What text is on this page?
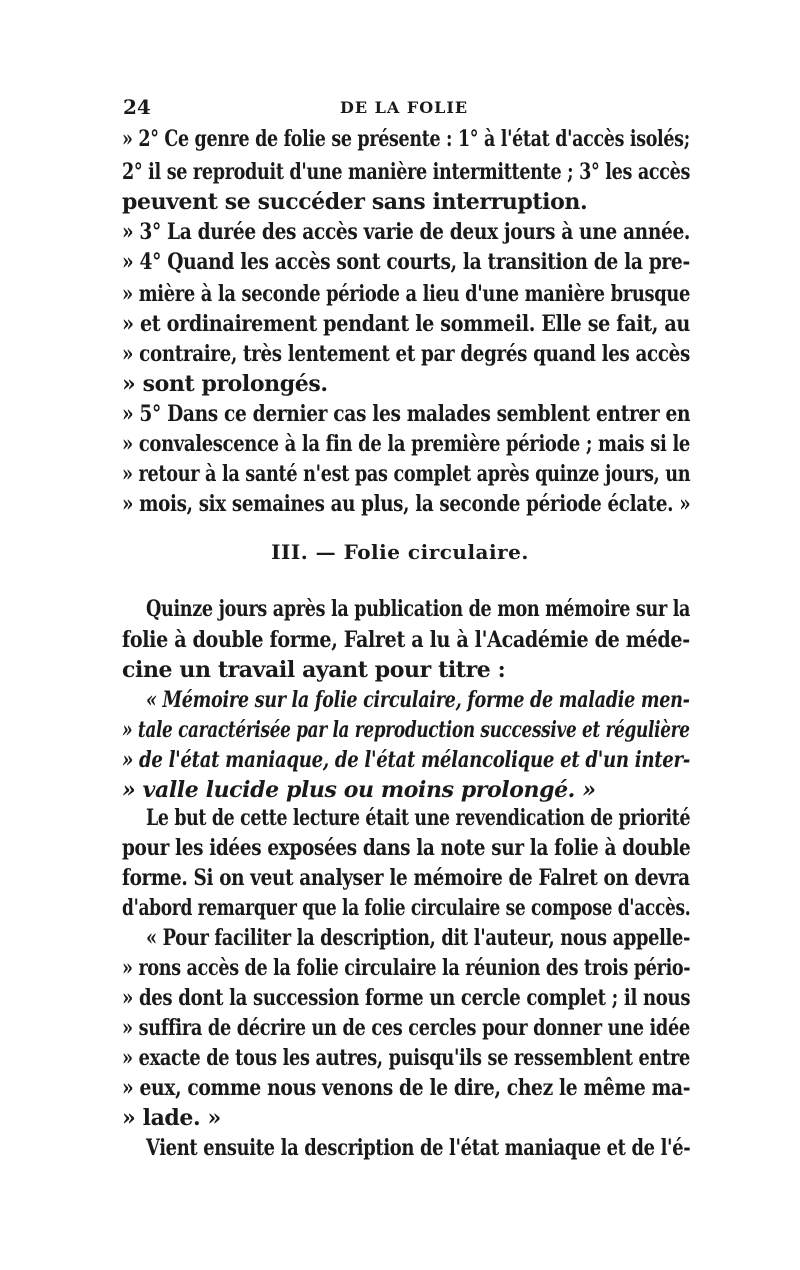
24	DE LA FOLIE
» 2° Ce genre de folie se présente : 1° à l'état d'accès isolés;
2° il se reproduit d'une manière intermittente ; 3° les accès
peuvent se succéder sans interruption.
» 3° La durée des accès varie de deux jours à une année.
» 4° Quand les accès sont courts, la transition de la pre-
» mière à la seconde période a lieu d'une manière brusque
» et ordinairement pendant le sommeil. Elle se fait, au
» contraire, très lentement et par degrés quand les accès
» sont prolongés.
» 5° Dans ce dernier cas les malades semblent entrer en
» convalescence à la fin de la première période ; mais si le
» retour à la santé n'est pas complet après quinze jours, un
» mois, six semaines au plus, la seconde période éclate. »
III. — Folie circulaire.
Quinze jours après la publication de mon mémoire sur la
folie à double forme, Falret a lu à l'Académie de méde-
cine un travail ayant pour titre :
« Mémoire sur la folie circulaire, forme de maladie men-
» tale caractérisée par la reproduction successive et régulière
» de l'état maniaque, de l'état mélancolique et d'un inter-
» valle lucide plus ou moins prolongé. »
Le but de cette lecture était une revendication de priorité
pour les idées exposées dans la note sur la folie à double
forme. Si on veut analyser le mémoire de Falret on devra
d'abord remarquer que la folie circulaire se compose d'accès.
« Pour faciliter la description, dit l'auteur, nous appelle-
» rons accès de la folie circulaire la réunion des trois pério-
» des dont la succession forme un cercle complet ; il nous
» suffira de décrire un de ces cercles pour donner une idée
» exacte de tous les autres, puisqu'ils se ressemblent entre
» eux, comme nous venons de le dire, chez le même ma-
» lade. »
Vient ensuite la description de l'état maniaque et de l'é-
